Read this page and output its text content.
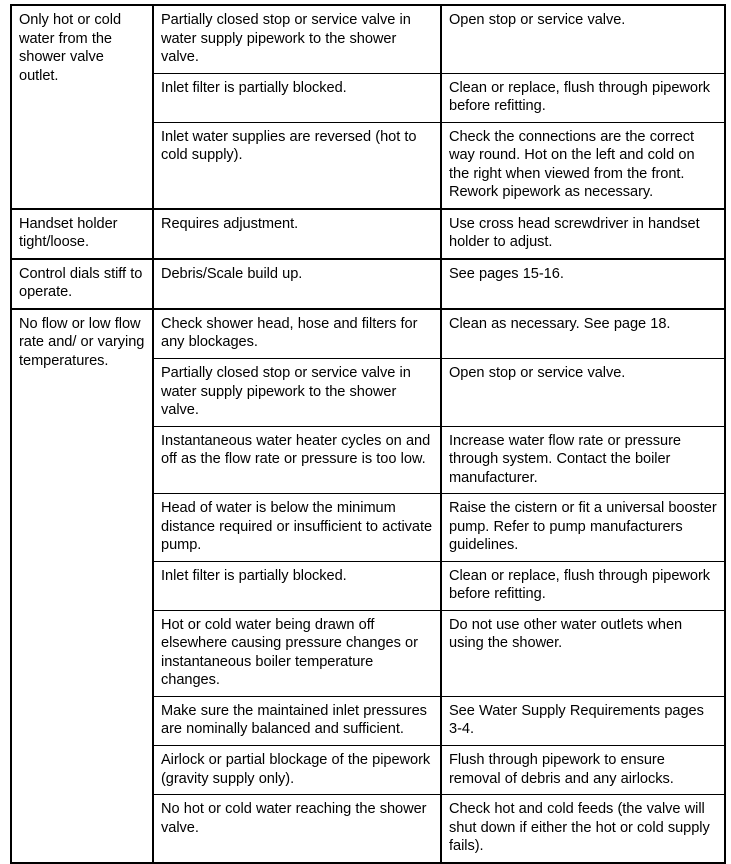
Only hot or cold water from the shower valve outlet.	Partially closed stop or service valve in water supply pipework to the shower valve.	Open stop or service valve.

	Inlet filter is partially blocked.	Clean or replace, flush through pipework before refitting.

	Inlet water supplies are reversed (hot to cold supply).	Check the connections are the correct way round. Hot on the left and cold on the right when viewed from the front. Rework pipework as necessary.

Handset holder tight/loose.	Requires adjustment.	Use cross head screwdriver in handset holder to adjust.

Control dials stiff to operate.	Debris/Scale build up.	See pages 15-16.

No flow or low flow rate and/ or varying temperatures.	Check shower head, hose and filters for any blockages.	Clean as necessary. See page 18.

	Partially closed stop or service valve in water supply pipework to the shower valve.	Open stop or service valve.

	Instantaneous water heater cycles on and off as the flow rate or pressure is too low.	Increase water flow rate or pressure through system. Contact the boiler manufacturer.

	Head of water is below the minimum distance required or insufficient to activate pump.	Raise the cistern or fit a universal booster pump. Refer to pump manufacturers guidelines.

	Inlet filter is partially blocked.	Clean or replace, flush through pipework before refitting.

	Hot or cold water being drawn off elsewhere causing pressure changes or instantaneous boiler temperature changes.	Do not use other water outlets when using the shower.

	Make sure the maintained inlet pressures are nominally balanced and sufficient.	See Water Supply Requirements pages 3-4.

	Airlock or partial blockage of the pipework (gravity supply only).	Flush through pipework to ensure removal of debris and any airlocks.

	No hot or cold water reaching the shower valve.	Check hot and cold feeds (the valve will shut down if either the hot or cold supply fails).
